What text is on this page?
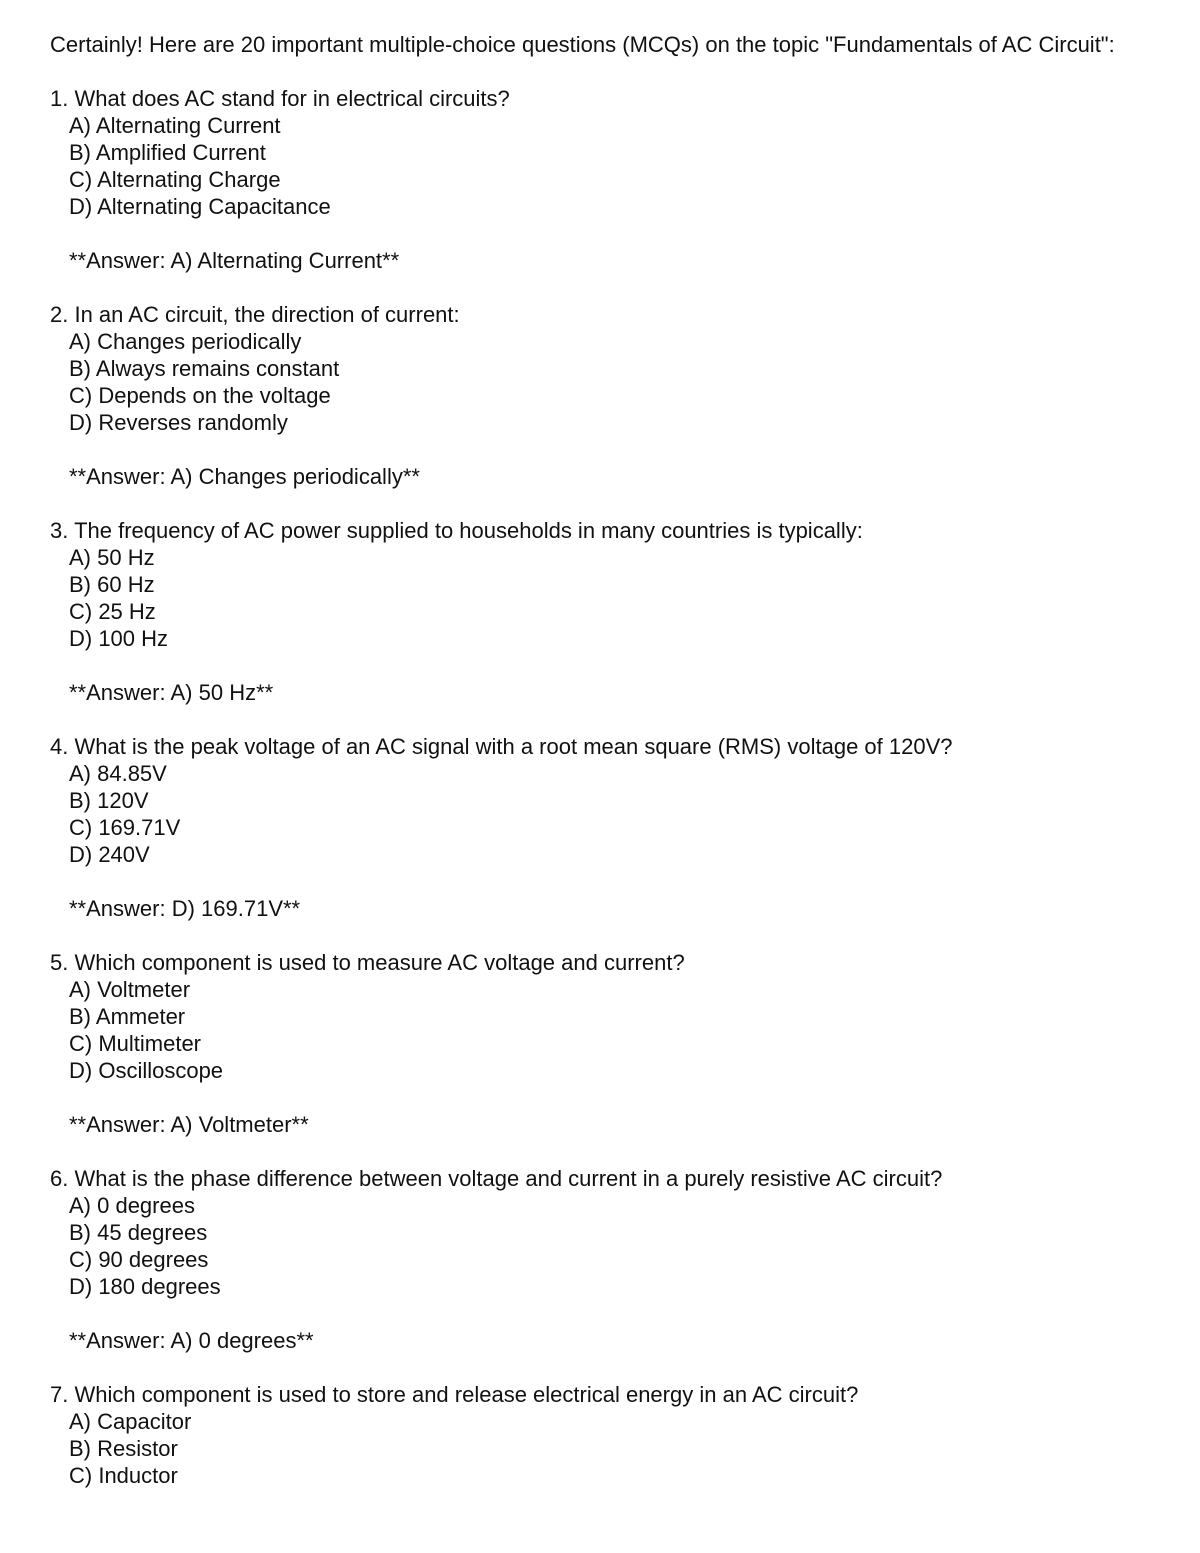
Certainly! Here are 20 important multiple-choice questions (MCQs) on the topic "Fundamentals of AC Circuit":

1. What does AC stand for in electrical circuits?

A) Alternating Current
B) Amplified Current
C) Alternating Charge
D) Alternating Capacitance

**Answer: A) Alternating Current**

2. In an AC circuit, the direction of current:

A) Changes periodically
B) Always remains constant
C) Depends on the voltage
D) Reverses randomly

**Answer: A) Changes periodically**

3. The frequency of AC power supplied to households in many countries is typically:

A) 50 Hz
B) 60 Hz
C) 25 Hz
D) 100 Hz

**Answer: A) 50 Hz**

4. What is the peak voltage of an AC signal with a root mean square (RMS) voltage of 120V?

A) 84.85V
B) 120V
C) 169.71V
D) 240V

**Answer: D) 169.71V**

5. Which component is used to measure AC voltage and current?

A) Voltmeter
B) Ammeter
C) Multimeter
D) Oscilloscope

**Answer: A) Voltmeter**

6. What is the phase difference between voltage and current in a purely resistive AC circuit?

A) 0 degrees
B) 45 degrees
C) 90 degrees
D) 180 degrees

**Answer: A) 0 degrees**

7. Which component is used to store and release electrical energy in an AC circuit?

A) Capacitor
B) Resistor
C) Inductor
